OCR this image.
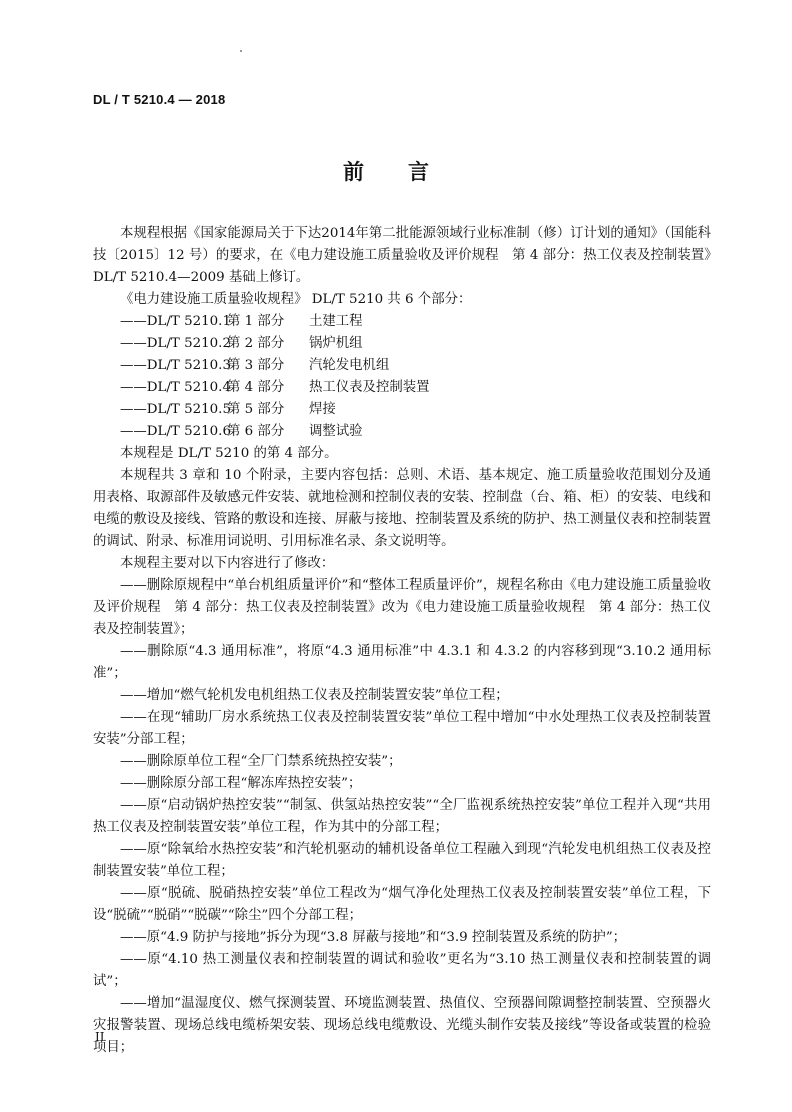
DL / T 5210.4 — 2018
前言

本规程根据《国家能源局关于下达2014年第二批能源领域行业标准制（修）订计划的通知》（国能科技〔2015〕12 号）的要求，在《电力建设施工质量验收及评价规程　第 4 部分：热工仪表及控制装置》DL/T 5210.4—2009 基础上修订。

《电力建设施工质量验收规程》 DL/T 5210 共 6 个部分：

——DL/T 5210.1第 1 部分 土建工程
——DL/T 5210.2第 2 部分 锅炉机组
——DL/T 5210.3第 3 部分 汽轮发电机组
——DL/T 5210.4第 4 部分 热工仪表及控制装置
——DL/T 5210.5第 5 部分 焊接
——DL/T 5210.6第 6 部分 调整试验

本规程是 DL/T 5210 的第 4 部分。

本规程共 3 章和 10 个附录，主要内容包括：总则、术语、基本规定、施工质量验收范围划分及通用表格、取源部件及敏感元件安装、就地检测和控制仪表的安装、控制盘（台、箱、柜）的安装、电线和电缆的敷设及接线、管路的敷设和连接、屏蔽与接地、控制装置及系统的防护、热工测量仪表和控制装置的调试、附录、标准用词说明、引用标准名录、条文说明等。

本规程主要对以下内容进行了修改：

——删除原规程中“单台机组质量评价”和“整体工程质量评价”，规程名称由《电力建设施工质量验收及评价规程　第 4 部分：热工仪表及控制装置》改为《电力建设施工质量验收规程　第 4 部分：热工仪表及控制装置》；

——删除原“4.3 通用标准”，将原“4.3 通用标准”中 4.3.1 和 4.3.2 的内容移到现“3.10.2 通用标准”；

——增加“燃气轮机发电机组热工仪表及控制装置安装”单位工程；

——在现“辅助厂房水系统热工仪表及控制装置安装”单位工程中增加“中水处理热工仪表及控制装置安装”分部工程；

——删除原单位工程“全厂门禁系统热控安装”；

——删除原分部工程“解冻库热控安装”；

——原“启动锅炉热控安装”“制氢、供氢站热控安装”“全厂监视系统热控安装”单位工程并入现“共用热工仪表及控制装置安装”单位工程，作为其中的分部工程；

——原“除氧给水热控安装”和汽轮机驱动的辅机设备单位工程融入到现“汽轮发电机组热工仪表及控制装置安装”单位工程；

——原“脱硫、脱硝热控安装”单位工程改为“烟气净化处理热工仪表及控制装置安装”单位工程，下设“脱硫”“脱硝”“脱碳”“除尘”四个分部工程；

——原“4.9 防护与接地”拆分为现“3.8 屏蔽与接地”和“3.9 控制装置及系统的防护”；

——原“4.10 热工测量仪表和控制装置的调试和验收”更名为“3.10 热工测量仪表和控制装置的调试”；

——增加“温湿度仪、燃气探测装置、环境监测装置、热值仪、空预器间隙调整控制装置、空预器火灾报警装置、现场总线电缆桥架安装、现场总线电缆敷设、光缆头制作安装及接线”等设备或装置的检验项目；

II
